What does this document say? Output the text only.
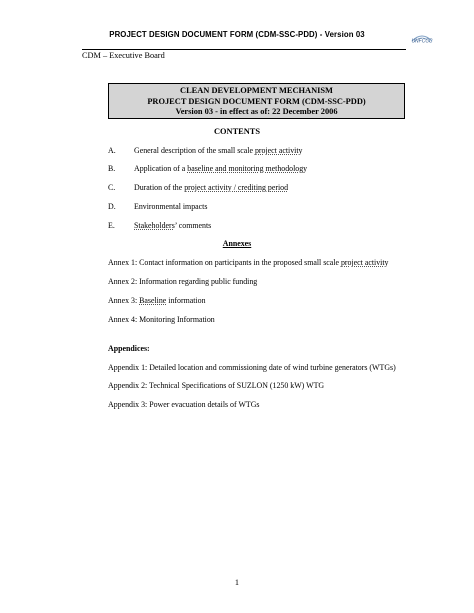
PROJECT DESIGN DOCUMENT FORM (CDM-SSC-PDD) - Version 03
UNFCCC
CDM – Executive Board
CLEAN DEVELOPMENT MECHANISM
PROJECT DESIGN DOCUMENT FORM (CDM-SSC-PDD)
Version 03 - in effect as of: 22 December 2006
CONTENTS
A. General description of the small scale project activity
B. Application of a baseline and monitoring methodology
C. Duration of the project activity / crediting period
D. Environmental impacts
E. Stakeholders’ comments
Annexes
Annex 1: Contact information on participants in the proposed small scale project activity
Annex 2: Information regarding public funding
Annex 3: Baseline information
Annex 4: Monitoring Information
Appendices:
Appendix 1: Detailed location and commissioning date of wind turbine generators (WTGs)
Appendix 2: Technical Specifications of SUZLON (1250 kW) WTG
Appendix 3: Power evacuation details of WTGs
1
